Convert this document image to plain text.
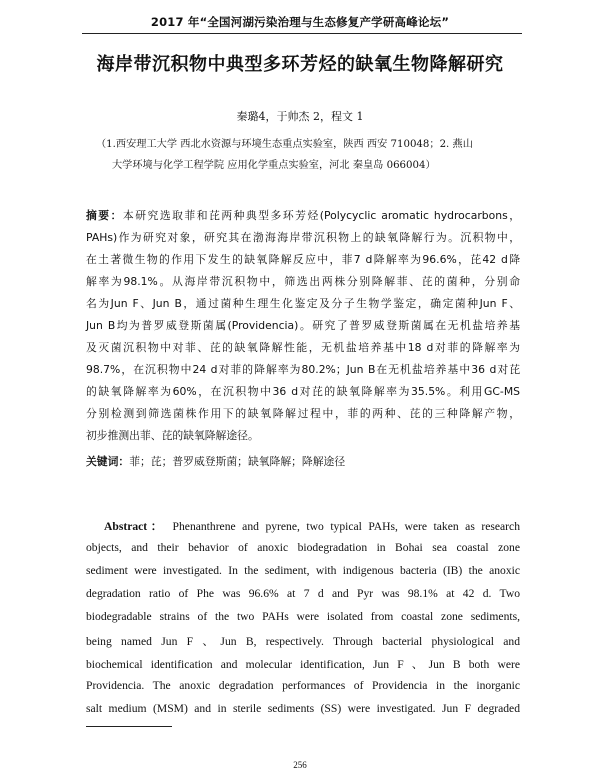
2017 年“全国河湖污染治理与生态修复产学研高峰论坛”
海岸带沉积物中典型多环芳烃的缺氧生物降解研究
秦璐4，于帅杰 2，程文 1
（1.西安理工大学 西北水资源与环境生态重点实验室，陕西 西安 710048；2. 燕山
大学环境与化学工程学院 应用化学重点实验室，河北 秦皇岛 066004）
摘要：本研究选取菲和芘两种典型多环芳烃(Polycyclic aromatic hydrocarbons，
PAHs)作为研究对象，研究其在渤海海岸带沉积物上的缺氧降解行为。沉积物中，
在土著微生物的作用下发生的缺氧降解反应中，菲7 d降解率为96.6%，芘42 d降
解率为98.1%。从海岸带沉积物中，筛选出两株分别降解菲、芘的菌种，分别命
名为Jun F、Jun B，通过菌种生理生化鉴定及分子生物学鉴定，确定菌种Jun F、
Jun B均为普罗威登斯菌属(Providencia)。研究了普罗威登斯菌属在无机盐培养基
及灭菌沉积物中对菲、芘的缺氧降解性能，无机盐培养基中18 d对菲的降解率为
98.7%，在沉积物中24 d对菲的降解率为80.2%；Jun B在无机盐培养基中36 d对芘
的缺氧降解率为60%，在沉积物中36 d对芘的缺氧降解率为35.5%。利用GC-MS
分别检测到筛选菌株作用下的缺氧降解过程中，菲的两种、芘的三种降解产物，
初步推测出菲、芘的缺氧降解途径。
关键词：菲；芘；普罗威登斯菌；缺氧降解；降解途径
Abstract： Phenanthrene and pyrene, two typical PAHs, were taken as research
objects, and their behavior of anoxic biodegradation in Bohai sea coastal zone
sediment were investigated. In the sediment, with indigenous bacteria (IB) the anoxic
degradation ratio of Phe was 96.6% at 7 d and Pyr was 98.1% at 42 d. Two
biodegradable strains of the two PAHs were isolated from coastal zone sediments,
being named Jun F 、Jun B, respectively. Through bacterial physiological and
biochemical identification and molecular identification, Jun F 、Jun B both were
Providencia. The anoxic degradation performances of Providencia in the inorganic
salt medium (MSM) and in sterile sediments (SS) were investigated. Jun F degraded
256
